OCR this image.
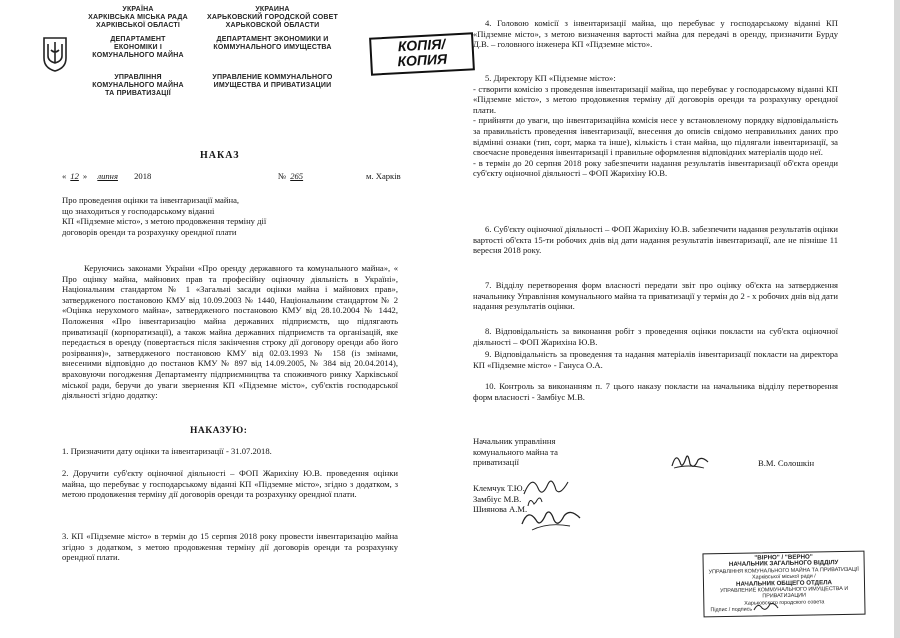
УКРАЇНА
ХАРКІВСЬКА МІСЬКА РАДА
ХАРКІВСЬКОЇ ОБЛАСТІ
ДЕПАРТАМЕНТ
ЕКОНОМІКИ І
КОМУНАЛЬНОГО МАЙНА
УПРАВЛІННЯ
КОМУНАЛЬНОГО МАЙНА
ТА ПРИВАТИЗАЦІЇ
УКРАИНА
ХАРЬКОВСКИЙ ГОРОДСКОЙ СОВЕТ
ХАРЬКОВСКОЙ ОБЛАСТИ
ДЕПАРТАМЕНТ ЭКОНОМИКИ И
КОММУНАЛЬНОГО ИМУЩЕСТВА
УПРАВЛЕНИЕ КОММУНАЛЬНОГО
ИМУЩЕСТВА И ПРИВАТИЗАЦИИ
КОПІЯ/
КОПИЯ
НАКАЗ
« 12 » липня 2018	№ 265	м. Харків
Про проведення оцінки та інвентаризації майна,
що знаходиться у господарському віданні
КП «Підземне місто», з метою продовження терміну дії
договорів оренди та розрахунку орендної плати
Керуючись законами України «Про оренду державного та комунального майна», « Про оцінку майна, майнових прав та професійну оціночну діяльність в Україні», Національним стандартом № 1 «Загальні засади оцінки майна і майнових прав», затвердженого постановою КМУ від 10.09.2003 № 1440, Національним стандартом № 2 «Оцінка нерухомого майна», затвердженого постановою КМУ від 28.10.2004 № 1442, Положення «Про інвентаризацію майна державних підприємств, що підлягають приватизації (корпоратизації), а також майна державних підприємств та організацій, яке передається в оренду (повертається після закінчення строку дії договору оренди або його розірвання)», затвердженого постановою КМУ від 02.03.1993 № 158 (із змінами, внесеними відповідно до постанов КМУ № 897 від 14.09.2005, № 384 від 20.04.2014), враховуючи погодження Департаменту підприємництва та споживчого ринку Харківської міської ради, беручи до уваги звернення КП «Підземне місто», суб'єктів господарської діяльності згідно додатку:
НАКАЗУЮ:
1. Призначити дату оцінки та інвентаризації - 31.07.2018.
2. Доручити суб'єкту оціночної діяльності – ФОП Жарихіну Ю.В. проведення оцінки майна, що перебуває у господарському віданні КП «Підземне місто», згідно з додатком, з метою продовження терміну дії договорів оренди та розрахунку орендної плати.
3. КП «Підземне місто» в термін до 15 серпня 2018 року провести інвентаризацію майна згідно з додатком, з метою продовження терміну дії договорів оренди та розрахунку орендної плати.
4. Головою комісії з інвентаризації майна, що перебуває у господарському віданні КП «Підземне місто», з метою визначення вартості майна для передачі в оренду, призначити Бурду Д.В. – головного інженера КП «Підземне місто».
5. Директору КП «Підземне місто»:
- створити комісію з проведення інвентаризації майна, що перебуває у господарському віданні КП «Підземне місто», з метою продовження терміну дії договорів оренди та розрахунку орендної плати.
- прийняти до уваги, що інвентаризаційна комісія несе у встановленому порядку відповідальність за правильність проведення інвентаризації, внесення до описів свідомо неправильних даних про відмінні ознаки (тип, сорт, марка та інше), кількість і стан майна, що підлягали інвентаризації, за своєчасне проведення інвентаризації і правильне оформлення відповідних матеріалів щодо неї.
- в термін до 20 серпня 2018 року забезпечити надання результатів інвентаризації об'єкта оренди суб'єкту оціночної діяльності – ФОП Жарихіну Ю.В.
6. Суб'єкту оціночної діяльності – ФОП Жарихіну Ю.В. забезпечити надання результатів оцінки вартості об'єкта 15-ти робочих днів від дати надання результатів інвентаризації, але не пізніше 11 вересня 2018 року.
7. Відділу перетворення форм власності передати звіт про оцінку об'єкта на затвердження начальнику Управління комунального майна та приватизації у термін до 2 - х робочих днів від дати надання результатів оцінки.
8. Відповідальність за виконання робіт з проведення оцінки покласти на суб'єкта оціночної діяльності – ФОП Жарихіна Ю.В.
9. Відповідальність за проведення та надання матеріалів інвентаризації покласти на директора КП «Підземне місто» - Гануса О.А.
10. Контроль за виконанням п. 7 цього наказу покласти на начальника відділу перетворення форм власності - Замбіус М.В.
Начальник управління
комунального майна та
приватизації	В.М. Солошкін
Клемчук Т.Ю.
Замбіус М.В.
Шиянова А.М.
"ВІРНО" / "ВЕРНО"
НАЧАЛЬНИК ЗАГАЛЬНОГО ВІДДІЛУ
УПРАВЛІННЯ КОМУНАЛЬНОГО МАЙНА ТА ПРИВАТИЗАЦІЇ
Харківської міської ради /
НАЧАЛЬНИК ОБЩЕГО ОТДЕЛА
УПРАВЛЕНИЕ КОММУНАЛЬНОГО ИМУЩЕСТВА И ПРИВАТИЗАЦИИ
Харьковского городского совета
Підпис / подпись
